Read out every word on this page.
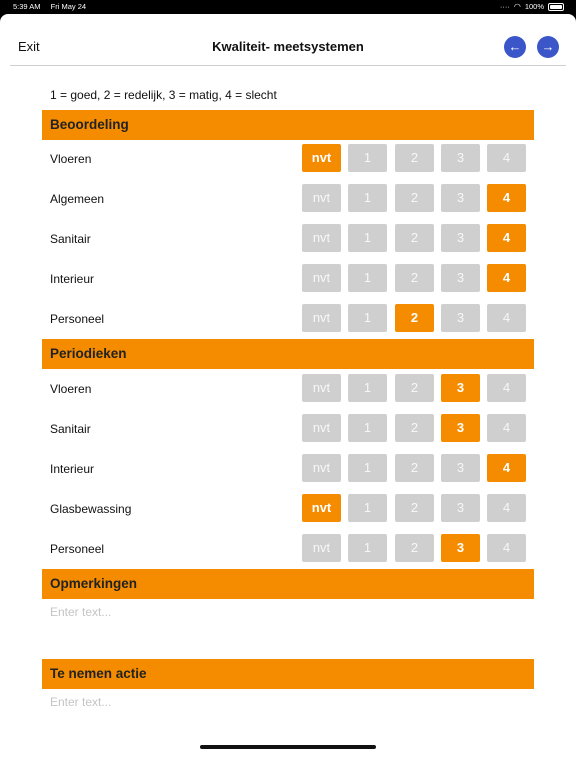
5:39 AM Fri May 24	···· ◠ 100%
Exit	Kwaliteit- meetsystemen	←	→
1 = goed, 2 = redelijk, 3 = matig, 4 = slecht
Beoordeling
Vloeren	nvt	1	2	3	4
Algemeen	nvt	1	2	3	4
Sanitair	nvt	1	2	3	4
Interieur	nvt	1	2	3	4
Personeel	nvt	1	2	3	4
Periodieken
Vloeren	nvt	1	2	3	4
Sanitair	nvt	1	2	3	4
Interieur	nvt	1	2	3	4
Glasbewassing	nvt	1	2	3	4
Personeel	nvt	1	2	3	4
Opmerkingen
Enter text...
Te nemen actie
Enter text...
